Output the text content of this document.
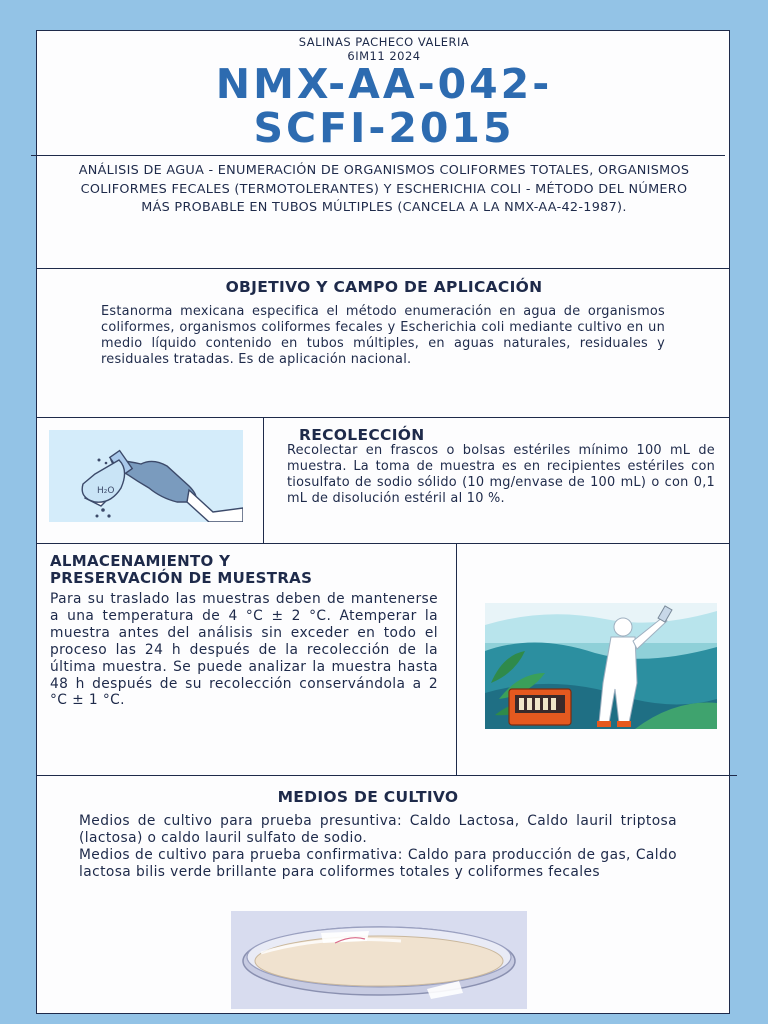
SALINAS PACHECO VALERIA
6IM11 2024
NMX-AA-042-
SCFI-2015
ANÁLISIS DE AGUA - ENUMERACIÓN DE ORGANISMOS COLIFORMES TOTALES, ORGANISMOS COLIFORMES FECALES (TERMOTOLERANTES) Y ESCHERICHIA COLI - MÉTODO DEL NÚMERO MÁS PROBABLE EN TUBOS MÚLTIPLES (CANCELA A LA NMX-AA-42-1987).
OBJETIVO Y CAMPO DE APLICACIÓN
Estanorma mexicana especifica el método enumeración en agua de organismos coliformes, organismos coliformes fecales y Escherichia coli mediante cultivo en un medio líquido contenido en tubos múltiples, en aguas naturales, residuales y residuales tratadas. Es de aplicación nacional.
H₂O
RECOLECCIÓN
Recolectar en frascos o bolsas estériles mínimo 100 mL de muestra. La toma de muestra es en recipientes estériles con tiosulfato de sodio sólido (10 mg/envase de 100 mL) o con 0,1 mL de disolución estéril al 10 %.
ALMACENAMIENTO Y
PRESERVACIÓN DE MUESTRAS
Para su traslado las muestras deben de mantenerse a una temperatura de 4 °C ± 2 °C. Atemperar la muestra antes del análisis sin exceder en todo el proceso las 24 h después de la recolección de la última muestra. Se puede analizar la muestra hasta 48 h después de su recolección conservándola a 2 °C ± 1 °C.
MEDIOS DE CULTIVO
Medios de cultivo para prueba presuntiva: Caldo Lactosa, Caldo lauril triptosa (lactosa) o caldo lauril sulfato de sodio.
Medios de cultivo para prueba confirmativa: Caldo para producción de gas, Caldo lactosa bilis verde brillante para coliformes totales y coliformes fecales
